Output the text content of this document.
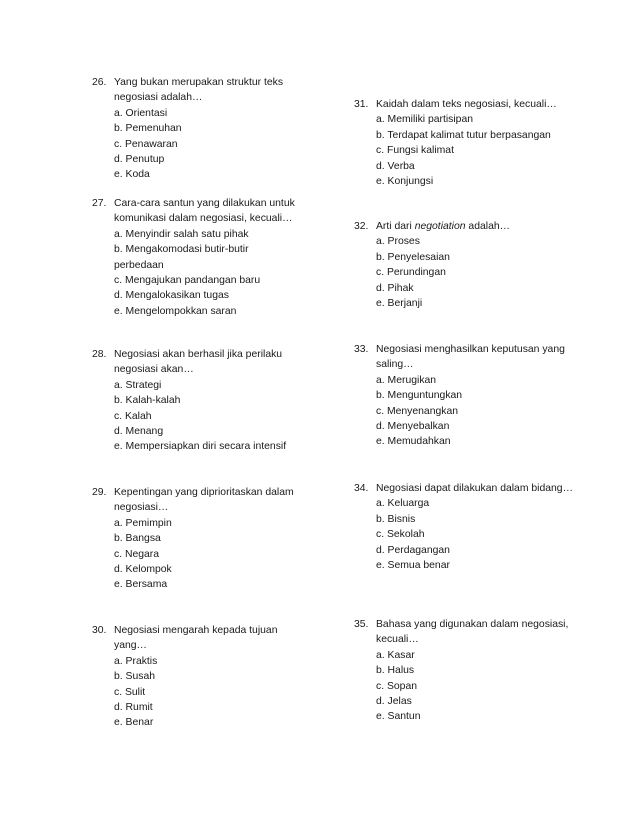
26. Yang bukan merupakan struktur teks negosiasi adalah…
a. Orientasi
b. Pemenuhan
c. Penawaran
d. Penutup
e. Koda
27. Cara-cara santun yang dilakukan untuk komunikasi dalam negosiasi, kecuali…
a. Menyindir salah satu pihak
b. Mengakomodasi butir-butir perbedaan
c. Mengajukan pandangan baru
d. Mengalokasikan tugas
e. Mengelompokkan saran
28. Negosiasi akan berhasil jika perilaku negosiasi akan…
a. Strategi
b. Kalah-kalah
c. Kalah
d. Menang
e. Mempersiapkan diri secara intensif
29. Kepentingan yang diprioritaskan dalam negosiasi…
a. Pemimpin
b. Bangsa
c. Negara
d. Kelompok
e. Bersama
30. Negosiasi mengarah kepada tujuan yang…
a. Praktis
b. Susah
c. Sulit
d. Rumit
e. Benar
31. Kaidah dalam teks negosiasi, kecuali…
a. Memiliki partisipan
b. Terdapat kalimat tutur berpasangan
c. Fungsi kalimat
d. Verba
e. Konjungsi
32. Arti dari negotiation adalah…
a. Proses
b. Penyelesaian
c. Perundingan
d. Pihak
e. Berjanji
33. Negosiasi menghasilkan keputusan yang saling…
a. Merugikan
b. Menguntungkan
c. Menyenangkan
d. Menyebalkan
e. Memudahkan
34. Negosiasi dapat dilakukan dalam bidang…
a. Keluarga
b. Bisnis
c. Sekolah
d. Perdagangan
e. Semua benar
35. Bahasa yang digunakan dalam negosiasi, kecuali…
a. Kasar
b. Halus
c. Sopan
d. Jelas
e. Santun
